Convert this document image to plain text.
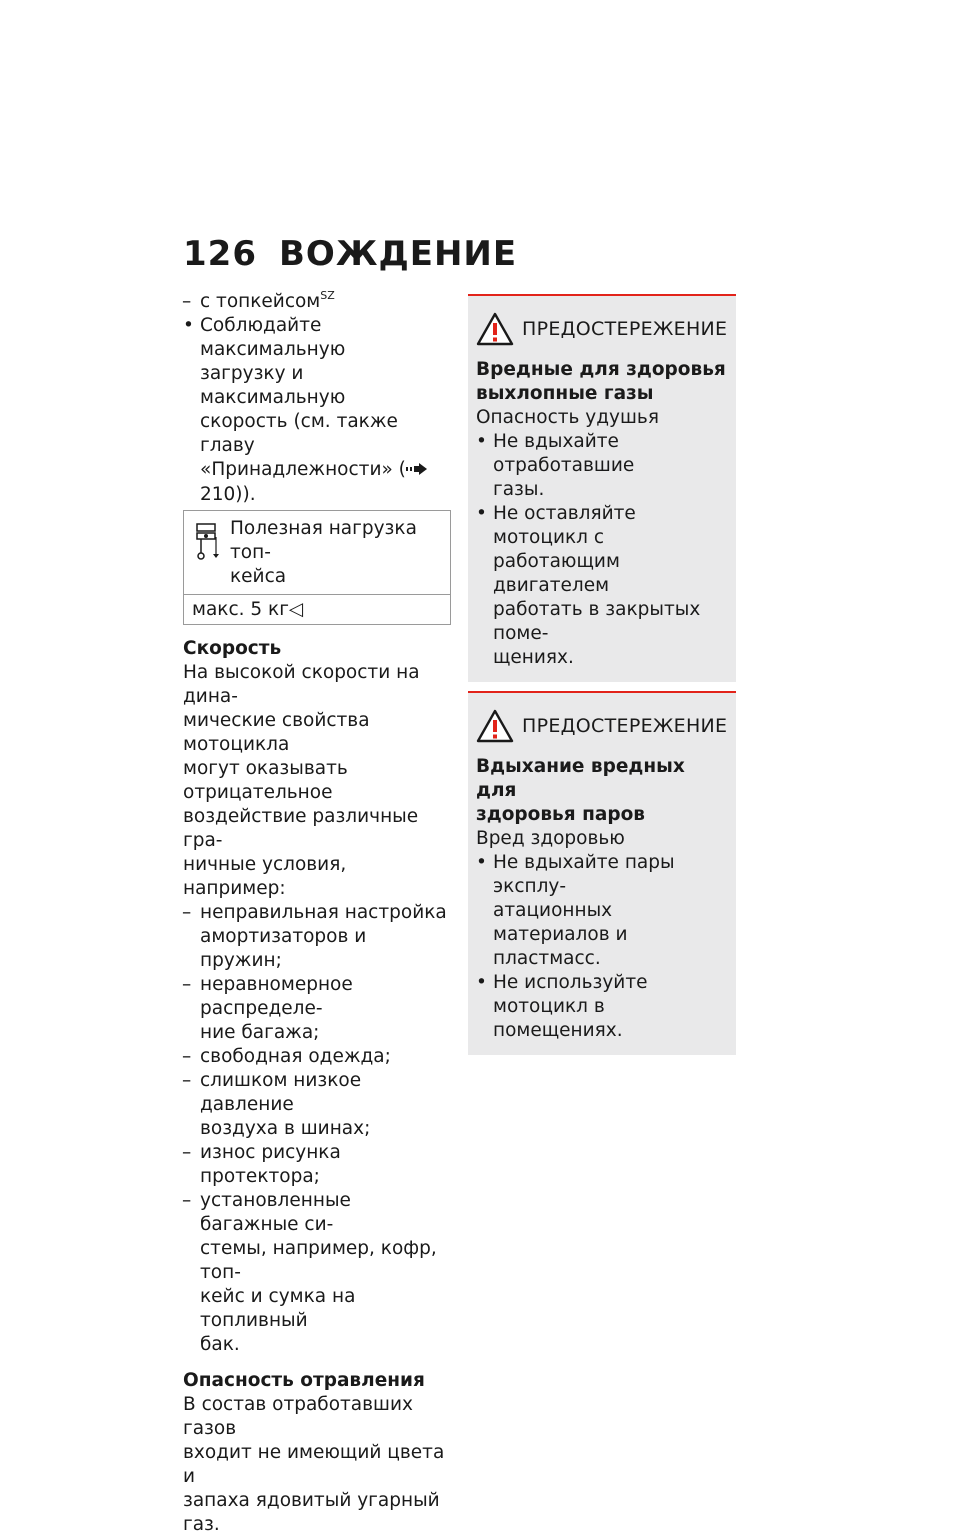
126 ВОЖДЕНИЕ

– с топкейсом$^{SZ}$

• Соблюдайте максимальную

загрузку и максимальную

скорость (см. также главу

«Принадлежности» (210)).

Полезная нагрузка топ-

кейса

макс. 5 кг◁
Скорость

На высокой скорости на дина-

мические свойства мотоцикла

могут оказывать отрицательное

воздействие различные гра-

ничные условия, например:

– неправильная настройка

амортизаторов и пружин;

– неравномерное распределе-

ние багажа;

– свободная одежда;

– слишком низкое давление

воздуха в шинах;

– износ рисунка протектора;

– установленные багажные си-

стемы, например, кофр, топ-

кейс и сумка на топливный

бак.

Опасность отравления

В состав отработавших газов

входит не имеющий цвета и

запаха ядовитый угарный газ.

ПРЕДОСТЕРЕЖЕНИЕ

Вредные для здоровья

выхлопные газы

Опасность удушья

• Не вдыхайте отработавшие

газы.

• Не оставляйте мотоцикл с

работающим двигателем

работать в закрытых поме-

щениях.

ПРЕДОСТЕРЕЖЕНИЕ

Вдыхание вредных для

здоровья паров

Вред здоровью

• Не вдыхайте пары эксплу-

атационных материалов и

пластмасс.

• Не используйте мотоцикл в

помещениях.
